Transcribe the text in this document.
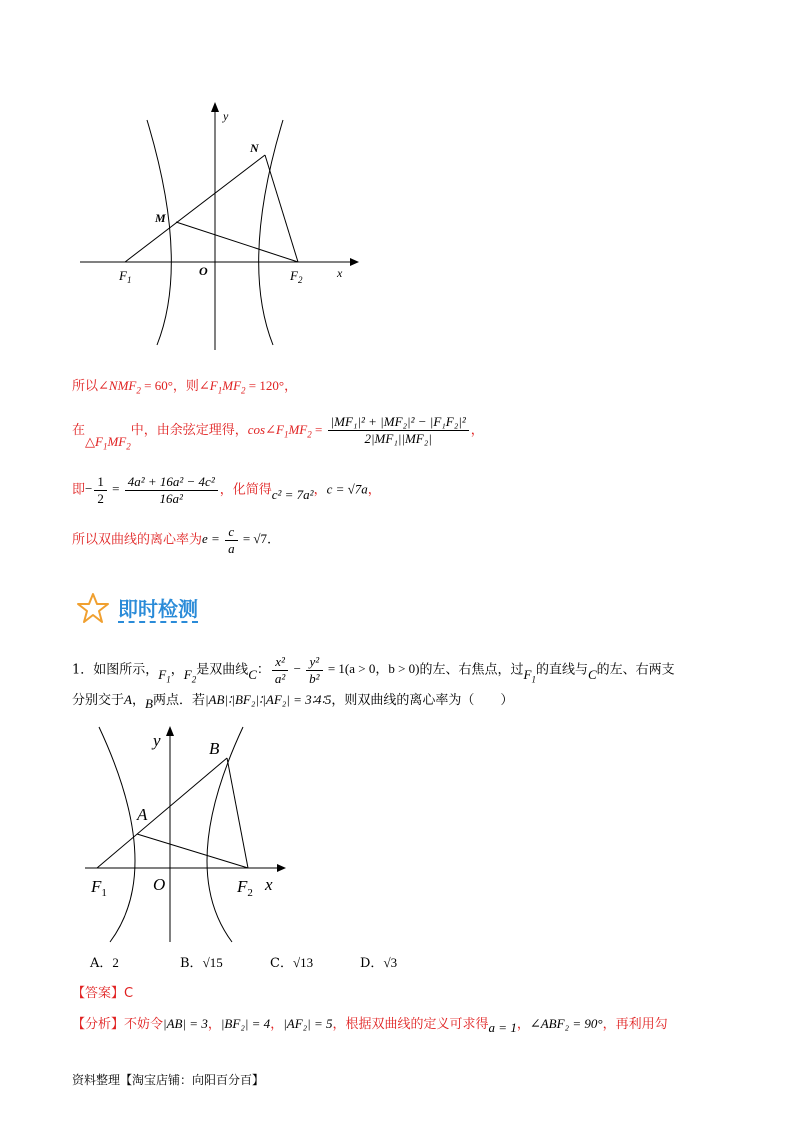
y
x
N
M
O
$F_1$	$F_2$
所以$\angle NMF_2 = 60^\circ$，则$\angle F_1MF_2 = 120^\circ$，
在$\triangle F_1MF_2$中，由余弦定理得，$\cos\angle F_1MF_2 = \frac{\text{|MF₁|² + |MF₂|² − |F₁F₂|²}}{\text{2|MF₁||MF₂|}}$ ，
即− $\frac{1}{2} = \frac{\text{4a² + 16a² − 4c²}}{\text{16a²}}$ ，化简得c² = 7a²，c = √7a，
所以双曲线的离心率为$e = \frac{c}{a} = √7$.
即时检测
1．如图所示，$F_1$，$F_2$是双曲线C： $\frac{\text{x²}}{\text{a²}} - \frac{\text{y²}}{\text{b²}} = 1(a > 0$，b > 0)的左、右焦点，过$F_1$的直线与C的左、右两支
分别交于A，B两点．若|AB|∶|BF₂|∶|AF₂| = 3∶4∶5，则双曲线的离心率为（　　）
y
x
B
A
O
$F_1$	$F_2$
A．2	B．√15	C．√13	D．√3
【答案】C
【分析】不妨令|AB| = 3，|BF₂| = 4，|AF₂| = 5，根据双曲线的定义可求得a = 1，∠ABF₂ = 90°，再利用勾
资料整理【淘宝店铺：向阳百分百】
